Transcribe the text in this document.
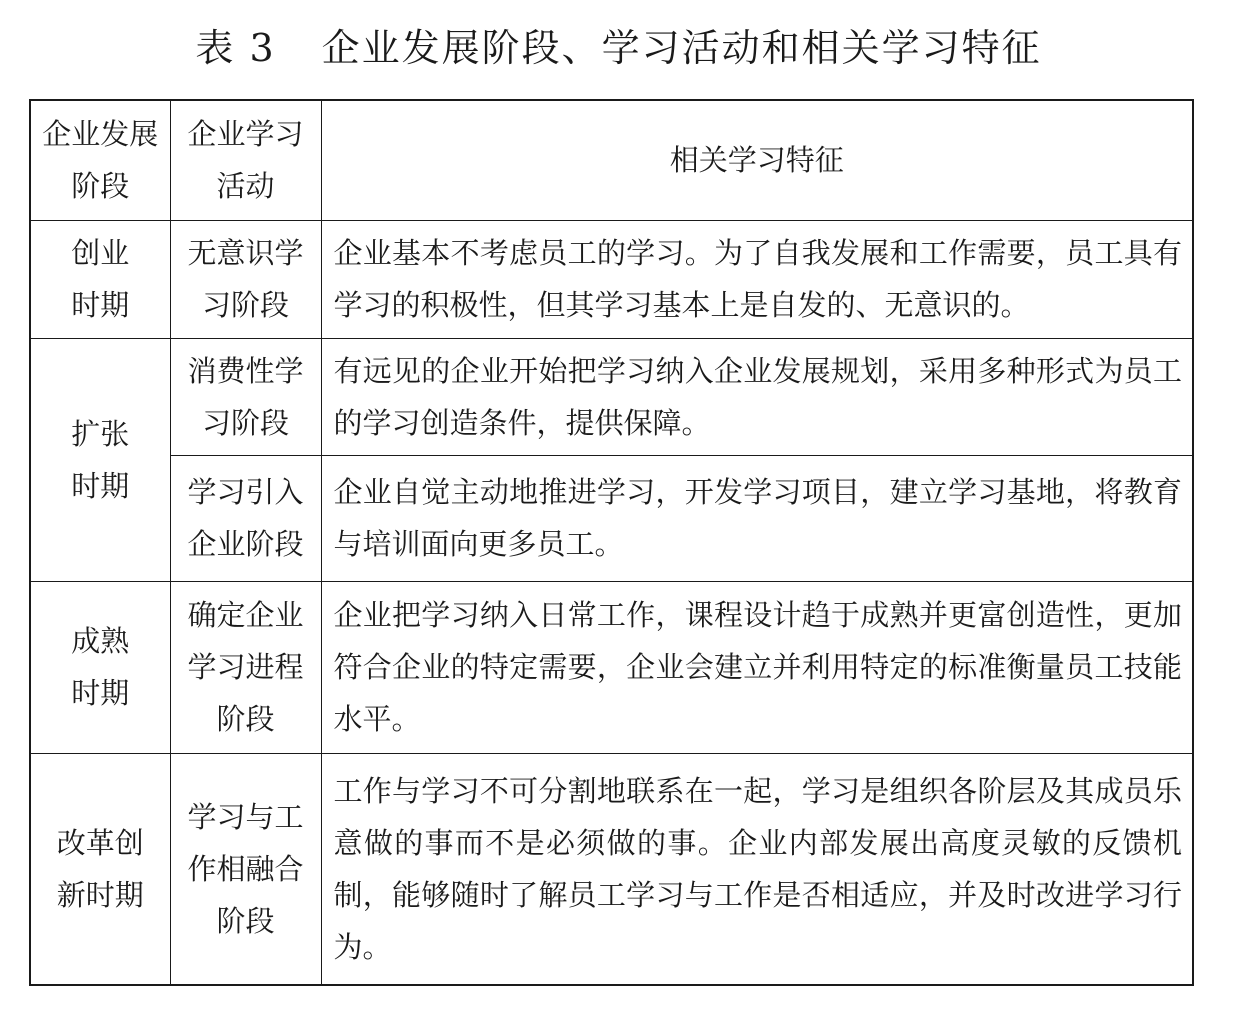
表 3 企业发展阶段、学习活动和相关学习特征
企业发展阶段	企业学习活动	相关学习特征
创业时期	无意识学习阶段	企业基本不考虑员工的学习。为了自我发展和工作需要，员工具有学习的积极性，但其学习基本上是自发的、无意识的。
扩张时期	消费性学习阶段	有远见的企业开始把学习纳入企业发展规划，采用多种形式为员工的学习创造条件，提供保障。
	学习引入企业阶段	企业自觉主动地推进学习，开发学习项目，建立学习基地，将教育与培训面向更多员工。
成熟时期	确定企业学习进程阶段	企业把学习纳入日常工作，课程设计趋于成熟并更富创造性，更加符合企业的特定需要，企业会建立并利用特定的标准衡量员工技能水平。
改革创新时期	学习与工作相融合阶段	工作与学习不可分割地联系在一起，学习是组织各阶层及其成员乐意做的事而不是必须做的事。企业内部发展出高度灵敏的反馈机制，能够随时了解员工学习与工作是否相适应，并及时改进学习行为。
